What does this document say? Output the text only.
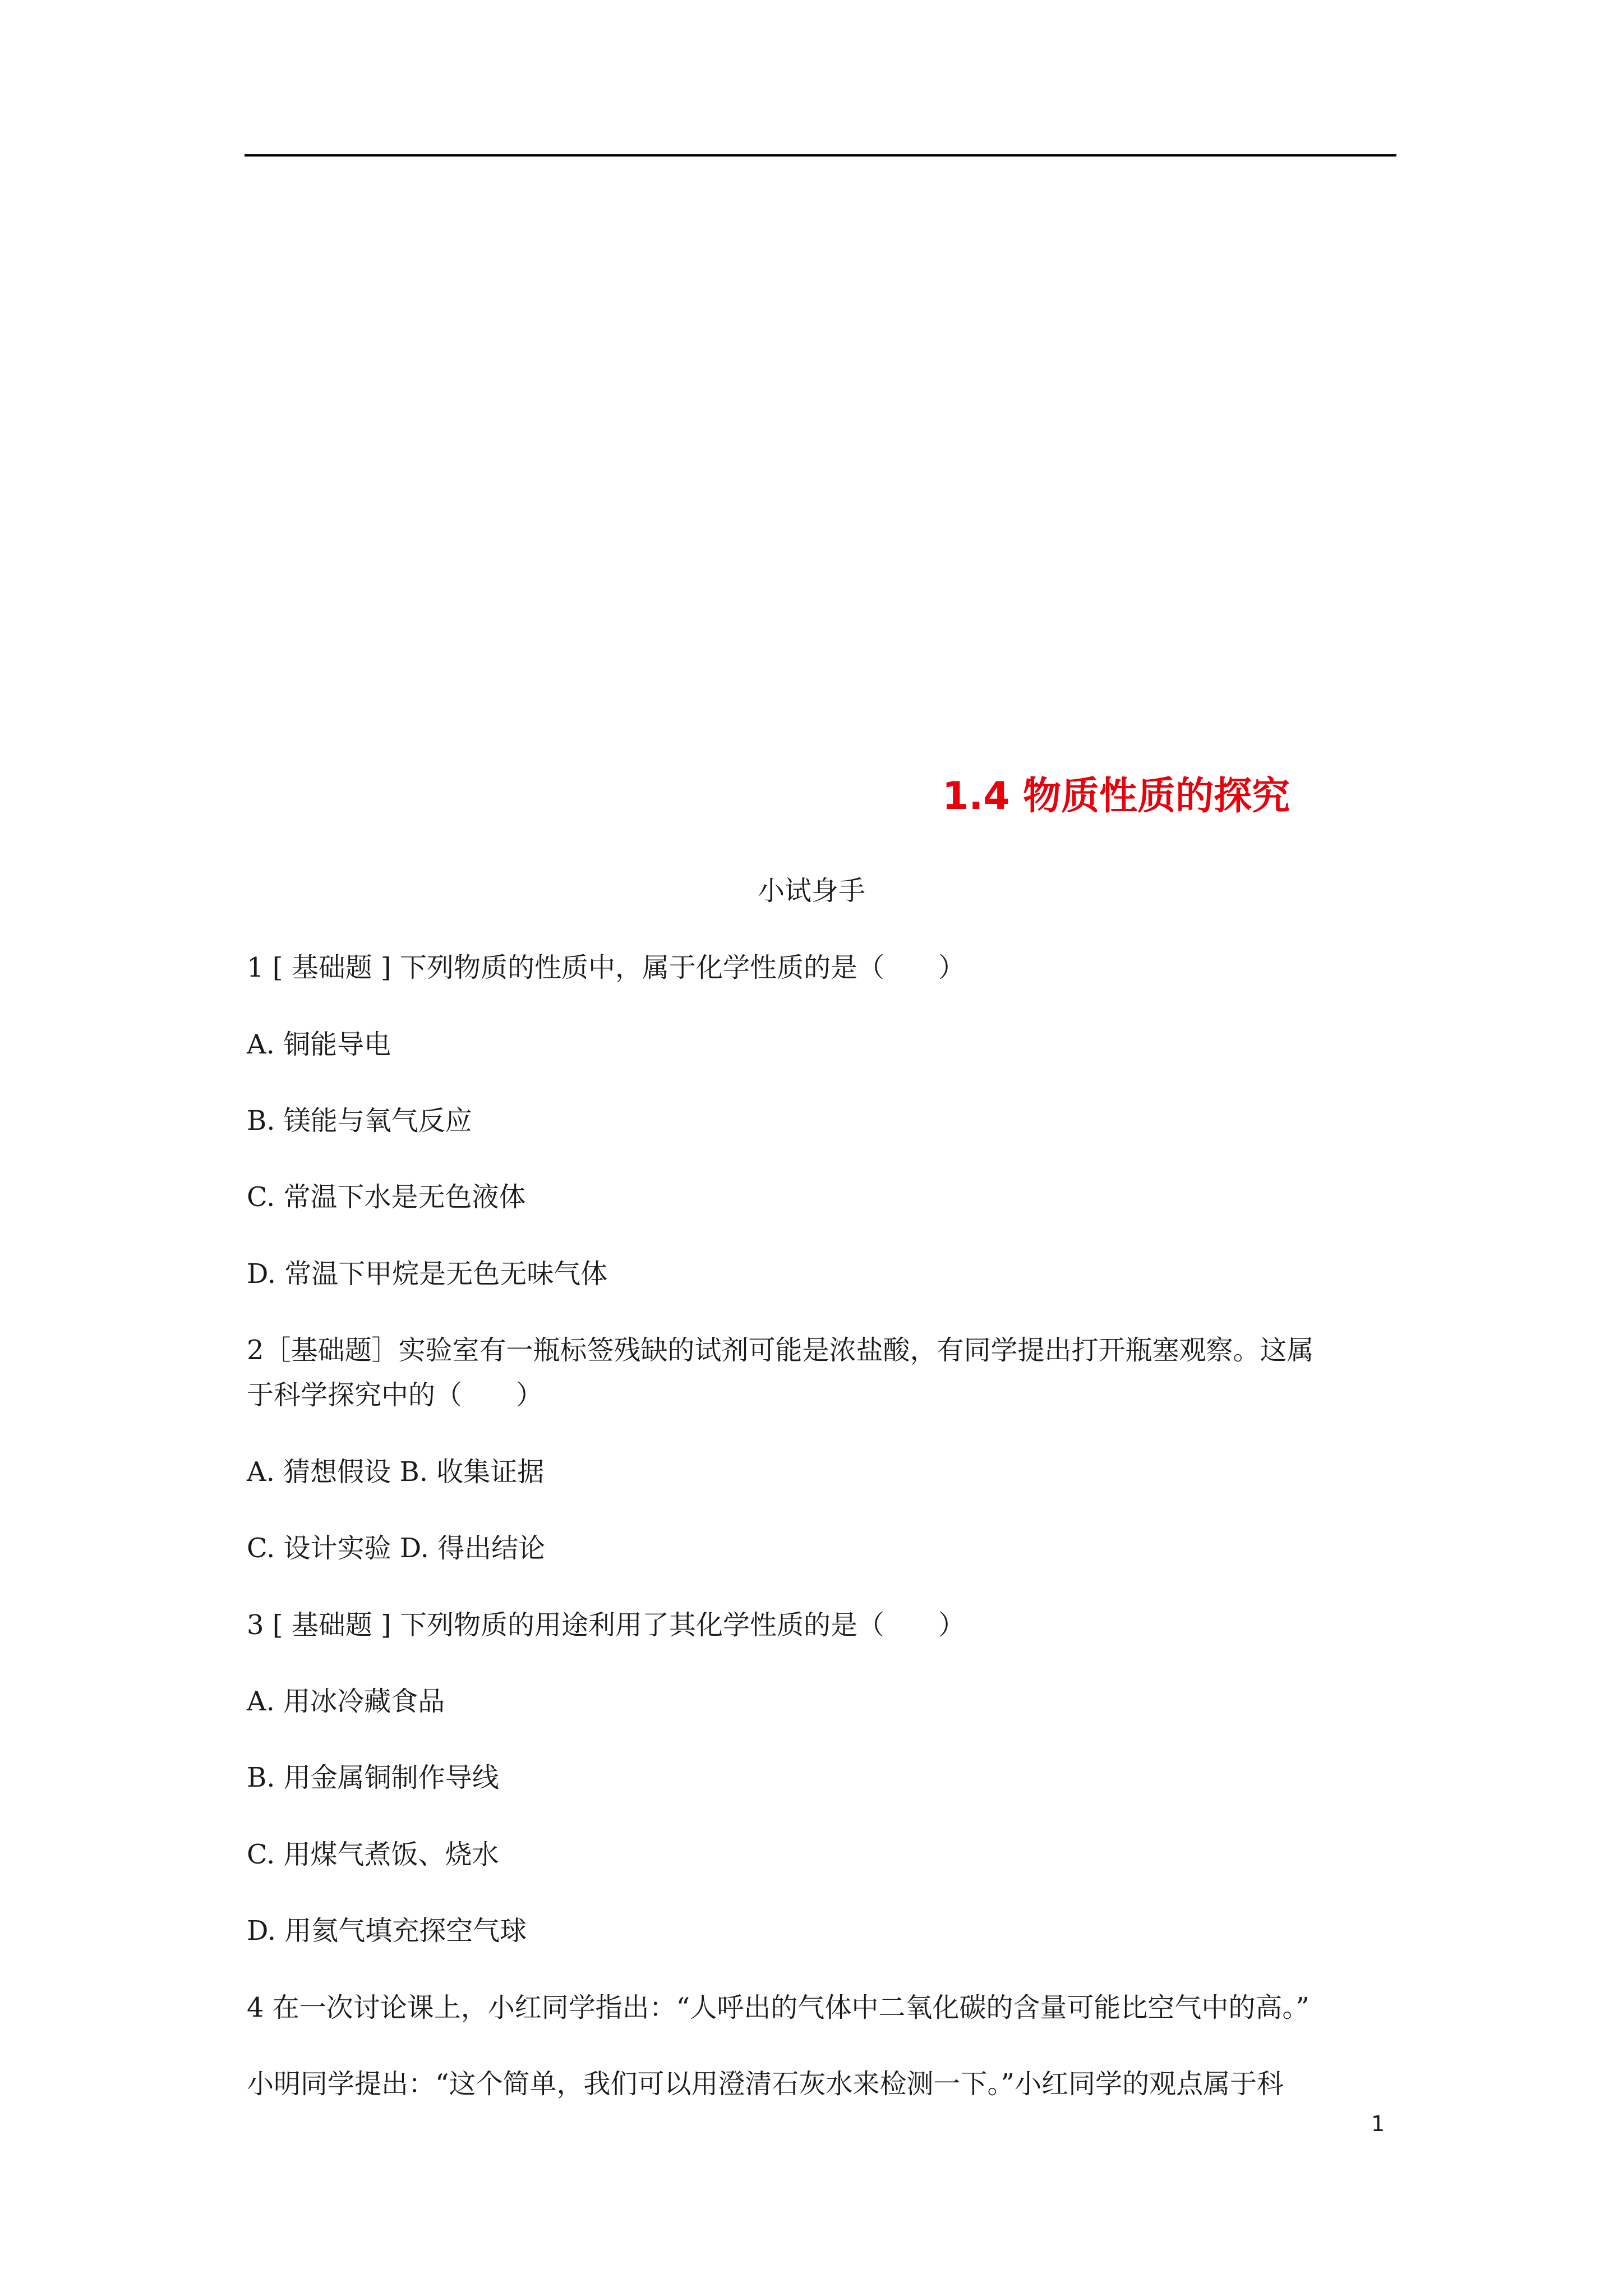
1.4 物质性质的探究
小试身手
1 [ 基础题 ] 下列物质的性质中，属于化学性质的是（　　）
A. 铜能导电
B. 镁能与氧气反应
C. 常温下水是无色液体
D. 常温下甲烷是无色无味气体
2［基础题］实验室有一瓶标签残缺的试剂可能是浓盐酸，有同学提出打开瓶塞观察。这属
于科学探究中的（　　）
A. 猜想假设 B. 收集证据
C. 设计实验 D. 得出结论
3 [ 基础题 ] 下列物质的用途利用了其化学性质的是（　　）
A. 用冰冷藏食品
B. 用金属铜制作导线
C. 用煤气煮饭、烧水
D. 用氦气填充探空气球
4 在一次讨论课上，小红同学指出：“人呼出的气体中二氧化碳的含量可能比空气中的高。”
小明同学提出：“这个简单，我们可以用澄清石灰水来检测一下。”小红同学的观点属于科
1
